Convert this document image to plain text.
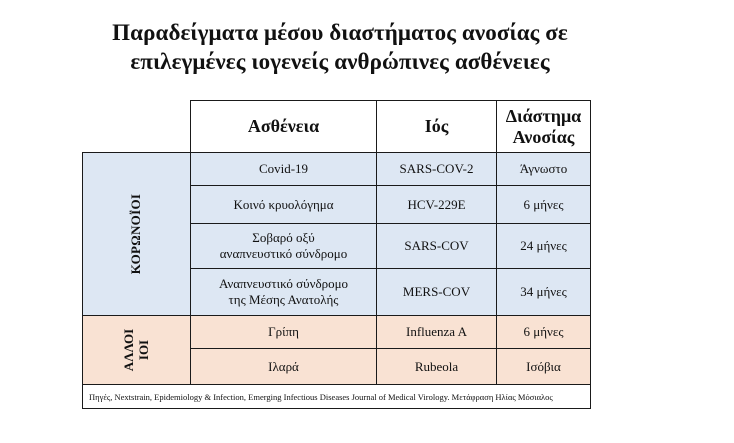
Παραδείγματα μέσου διαστήματος ανοσίας σε
επιλεγμένες ιογενείς ανθρώπινες ασθένειες
	Ασθένεια	Ιός	Διάστημα
Ανοσίας

ΚΟΡΩΝΟΪΟΙ	Covid-19	SARS-COV-2	Άγνωστο

	Κοινό κρυολόγημα	HCV-229E	6 μήνες

	Σοβαρό οξύ
αναπνευστικό σύνδρομο	SARS-COV	24 μήνες

	Αναπνευστικό σύνδρομο
της Μέσης Ανατολής	MERS-COV	34 μήνες
ΑΛΛΟΙ
ΙΟΙ	Γρίπη	Influenza A	6 μήνες

	Ιλαρά	Rubeola	Ισόβια
Πηγές, Nextstrain, Epidemiology & Infection, Emerging Infectious Diseases Journal of Medical Virology. Μετάφραση Ηλίας Μόσιαλος			
